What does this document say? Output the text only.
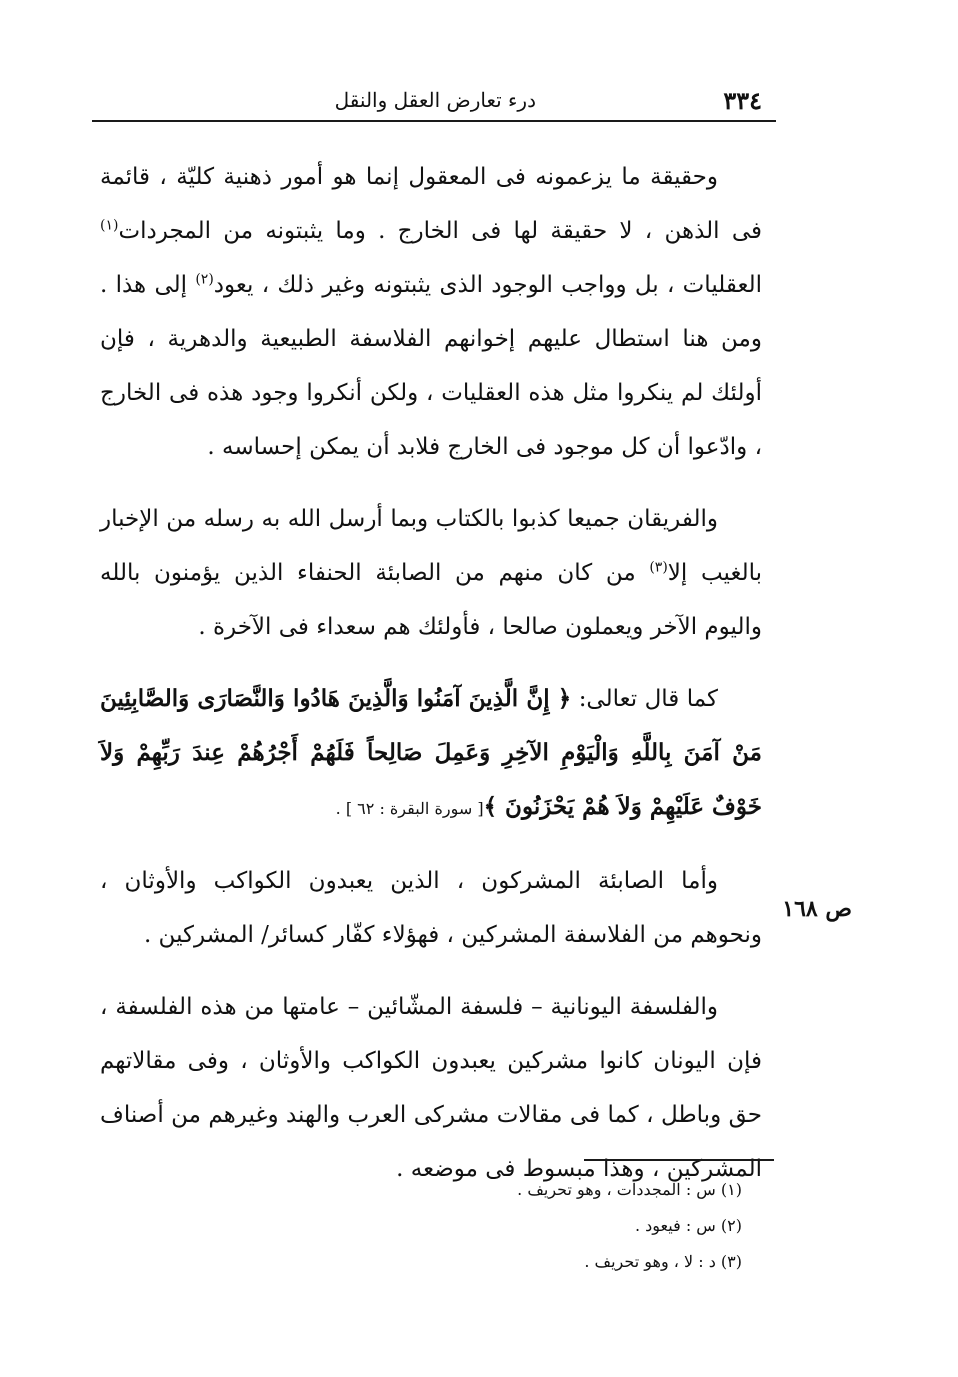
٣٣٤
درء تعارض العقل والنقل

وحقيقة ما يزعمونه فى المعقول إنما هو أمور ذهنية كليّة ، قائمة فى الذهن ، لا حقيقة لها فى الخارج . وما يثبتونه من المجردات$^{(١)}$ العقليات ، بل وواجب الوجود الذى يثبتونه وغير ذلك ، يعود$^{(٢)}$ إلى هذا . ومن هنا استطال عليهم إخوانهم الفلاسفة الطبيعية والدهرية ، فإن أولئك لم ينكروا مثل هذه العقليات ، ولكن أنكروا وجود هذه فى الخارج ، وادّعوا أن كل موجود فى الخارج فلابد أن يمكن إحساسه .

والفريقان جميعا كذبوا بالكتاب وبما أرسل الله به رسله من الإخبار بالغيب إلا$^{(٣)}$ من كان منهم من الصابئة الحنفاء الذين يؤمنون بالله واليوم الآخر ويعملون صالحا ، فأولئك هم سعداء فى الآخرة .

كما قال تعالى: ﴿ إِنَّ الَّذِينَ آمَنُوا وَالَّذِينَ هَادُوا وَالنَّصَارَى وَالصَّابِئِينَ مَنْ آمَنَ بِاللَّهِ وَالْيَوْمِ الآخِرِ وَعَمِلَ صَالِحاً فَلَهُمْ أَجْرُهُمْ عِندَ رَبِّهِمْ وَلاَ خَوْفٌ عَلَيْهِمْ وَلاَ هُمْ يَحْزَنُونَ ﴾[ سورة البقرة : ٦٢ ] .

وأما الصابئة المشركون ، الذين يعبدون الكواكب والأوثان ، ونحوهم من الفلاسفة المشركين ، فهؤلاء كفّار كسائر/ المشركين .

والفلسفة اليونانية – فلسفة المشّائين – عامتها من هذه الفلسفة ، فإن اليونان كانوا مشركين يعبدون الكواكب والأوثان ، وفى مقالاتهم حق وباطل ، كما فى مقالات مشركى العرب والهند وغيرهم من أصناف المشركين ، وهذا مبسوط فى موضعه .

ص ١٦٨
(١) س : المجددات ، وهو تحريف .
(٢) س : فيعود .
(٣) د : لا ، وهو تحريف .
